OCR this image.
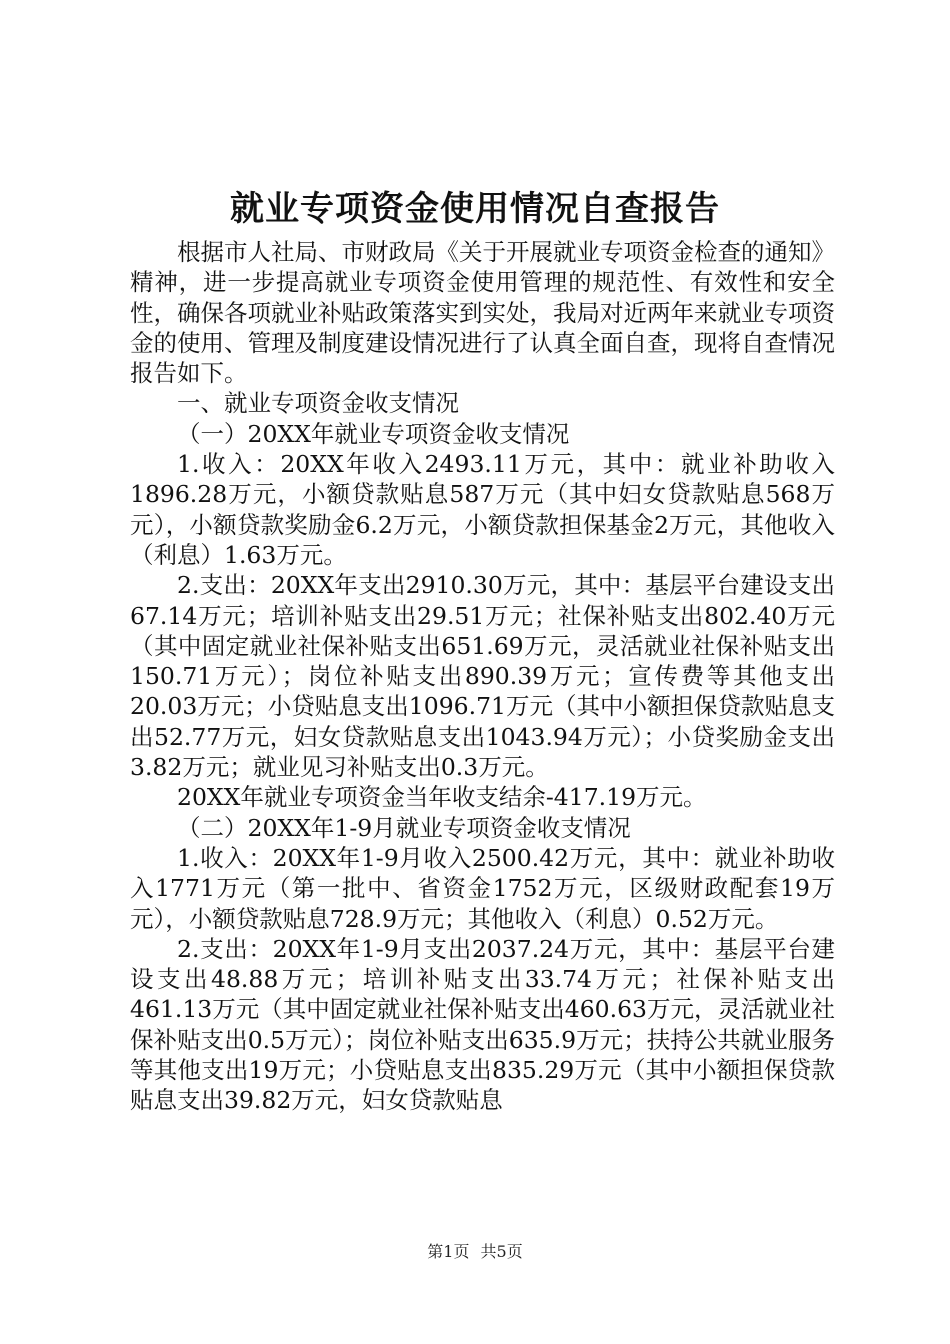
就业专项资金使用情况自查报告

根据市人社局、市财政局《关于开展就业专项资金检查的通知》精神，进一步提高就业专项资金使用管理的规范性、有效性和安全性，确保各项就业补贴政策落实到实处，我局对近两年来就业专项资金的使用、管理及制度建设情况进行了认真全面自查，现将自查情况报告如下。

一、就业专项资金收支情况

（一）20XX年就业专项资金收支情况

1.收入：20XX年收入2493.11万元，其中：就业补助收入1896.28万元，小额贷款贴息587万元（其中妇女贷款贴息568万元），小额贷款奖励金6.2万元，小额贷款担保基金2万元，其他收入（利息）1.63万元。

2.支出：20XX年支出2910.30万元，其中：基层平台建设支出67.14万元；培训补贴支出29.51万元；社保补贴支出802.40万元（其中固定就业社保补贴支出651.69万元，灵活就业社保补贴支出150.71万元）；岗位补贴支出890.39万元；宣传费等其他支出20.03万元；小贷贴息支出1096.71万元（其中小额担保贷款贴息支出52.77万元，妇女贷款贴息支出1043.94万元）；小贷奖励金支出3.82万元；就业见习补贴支出0.3万元。

20XX年就业专项资金当年收支结余-417.19万元。

（二）20XX年1-9月就业专项资金收支情况

1.收入：20XX年1-9月收入2500.42万元，其中：就业补助收入1771万元（第一批中、省资金1752万元，区级财政配套19万元），小额贷款贴息728.9万元；其他收入（利息）0.52万元。

2.支出：20XX年1-9月支出2037.24万元，其中：基层平台建设支出48.88万元；培训补贴支出33.74万元；社保补贴支出461.13万元（其中固定就业社保补贴支出460.63万元，灵活就业社保补贴支出0.5万元）；岗位补贴支出635.9万元；扶持公共就业服务等其他支出19万元；小贷贴息支出835.29万元（其中小额担保贷款贴息支出39.82万元，妇女贷款贴息

第1页 共5页
